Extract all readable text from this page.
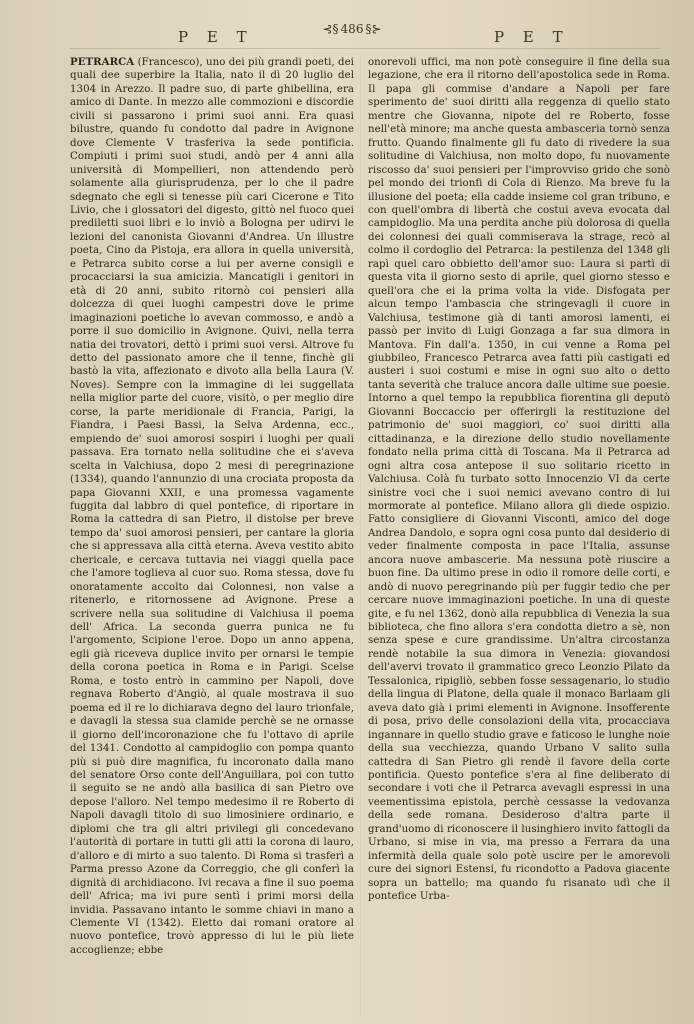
P E T	⊰§ 486 §⊱	P E T

PETRARCA (Francesco), uno dei più grandi poeti, dei quali dee superbire la Italia, nato il dì 20 luglio del 1304 in Arezzo. Il padre suo, di parte ghibellina, era amico di Dante. In mezzo alle commozioni e discordie civili si passarono i primi suoi anni. Era quasi bilustre, quando fu condotto dal padre in Avignone dove Clemente V trasferiva la sede pontificia. Compiuti i primi suoi studi, andò per 4 anni alla università di Mompellieri, non attendendo però solamente alla giurisprudenza, per lo che il padre sdegnato che egli si tenesse più cari Cicerone e Tito Livio, che i glossatori del digesto, gittò nel fuoco quei prediletti suoi libri e lo inviò a Bologna per udirvi le lezioni del canonista Giovanni d'Andrea. Un illustre poeta, Cino da Pistoja, era allora in quella università, e Petrarca subito corse a lui per averne consigli e procacciarsi la sua amicizia. Mancatigli i genitori in età di 20 anni, subito ritornò coi pensieri alla dolcezza di quei luoghi campestri dove le prime imaginazioni poetiche lo avevan commosso, e andò a porre il suo domicilio in Avignone. Quivi, nella terra natia dei trovatori, dettò i primi suoi versi. Altrove fu detto del passionato amore che il tenne, finchè gli bastò la vita, affezionato e divoto alla bella Laura (V. Noves). Sempre con la immagine di lei suggellata nella miglior parte del cuore, visitò, o per meglio dire corse, la parte meridionale di Francia, Parigi, la Fiandra, i Paesi Bassi, la Selva Ardenna, ecc., empiendo de' suoi amorosi sospiri i luoghi per quali passava. Era tornato nella solitudine che ei s'aveva scelta in Valchiusa, dopo 2 mesi di peregrinazione (1334), quando l'annunzio di una crociata proposta da papa Giovanni XXII, e una promessa vagamente fuggita dal labbro di quel pontefice, di riportare in Roma la cattedra di san Pietro, il distolse per breve tempo da' suoi amorosi pensieri, per cantare la gloria che si appressava alla città eterna. Aveva vestito abito chericale, e cercava tuttavia nei viaggi quella pace che l'amore toglieva al cuor suo. Roma stessa, dove fu onoratamente accolto dai Colonnesi, non valse a ritenerlo, e ritornossene ad Avignone. Prese a scrivere nella sua solitudine di Valchiusa il poema dell' Africa. La seconda guerra punica ne fu l'argomento, Scipione l'eroe. Dopo un anno appena, egli già riceveva duplice invito per ornarsi le tempie della corona poetica in Roma e in Parigi. Scelse Roma, e tosto entrò in cammino per Napoli, dove regnava Roberto d'Angiò, al quale mostrava il suo poema ed il re lo dichiarava degno del lauro trionfale, e davagli la stessa sua clamide perchè se ne ornasse il giorno dell'incoronazione che fu l'ottavo di aprile del 1341. Condotto al campidoglio con pompa quanto più si può dire magnifica, fu incoronato dalla mano del senatore Orso conte dell'Anguillara, poi con tutto il seguito se ne andò alla basilica di san Pietro ove depose l'alloro. Nel tempo medesimo il re Roberto di Napoli davagli titolo di suo limosiniere ordinario, e diplomi che tra gli altri privilegi gli concedevano l'autorità di portare in tutti gli atti la corona di lauro, d'alloro e di mirto a suo talento. Di Roma si trasferì a Parma presso Azone da Correggio, che gli conferì la dignità di archidiacono. Ivi recava a fine il suo poema dell' Africa; ma ivi pure sentì i primi morsi della invidia. Passavano intanto le somme chiavi in mano a Clemente VI (1342). Eletto dai romani oratore al nuovo pontefice, trovò appresso di lui le più liete accoglienze; ebbe

onorevoli uffici, ma non potè conseguire il fine della sua legazione, che era il ritorno dell'apostolica sede in Roma. Il papa gli commise d'andare a Napoli per fare sperimento de' suoi diritti alla reggenza di quello stato mentre che Giovanna, nipote del re Roberto, fosse nell'età minore; ma anche questa ambasceria tornò senza frutto. Quando finalmente gli fu dato di rivedere la sua solitudine di Valchiusa, non molto dopo, fu nuovamente riscosso da' suoi pensieri per l'improvviso grido che sonò pel mondo dei trionfi di Cola di Rienzo. Ma breve fu la illusione del poeta; ella cadde insieme col gran tribuno, e con quell'ombra di libertà che costui aveva evocata dal campidoglio. Ma una perdita anche più dolorosa di quella dei colonnesi dei quali commiserava la strage, recò al colmo il cordoglio del Petrarca: la pestilenza del 1348 gli rapì quel caro obbietto dell'amor suo: Laura si partì di questa vita il giorno sesto di aprile, quel giorno stesso e quell'ora che ei la prima volta la vide. Disfogata per alcun tempo l'ambascia che stringevagli il cuore in Valchiusa, testimone già di tanti amorosi lamenti, ei passò per invito di Luigi Gonzaga a far sua dimora in Mantova. Fin dall'a. 1350, in cui venne a Roma pel giubbileo, Francesco Petrarca avea fatti più castigati ed austeri i suoi costumi e mise in ogni suo alto o detto tanta severità che traluce ancora dalle ultime sue poesie. Intorno a quel tempo la repubblica fiorentina gli deputò Giovanni Boccaccio per offerirgli la restituzione del patrimonio de' suoi maggiori, co' suoi diritti alla cittadinanza, e la direzione dello studio novellamente fondato nella prima città di Toscana. Ma il Petrarca ad ogni altra cosa antepose il suo solitario ricetto in Valchiusa. Colà fu turbato sotto Innocenzio VI da certe sinistre voci che i suoi nemici avevano contro di lui mormorate al pontefice. Milano allora gli diede ospizio. Fatto consigliere di Giovanni Visconti, amico del doge Andrea Dandolo, e sopra ogni cosa punto dal desiderio di veder finalmente composta in pace l'Italia, assunse ancora nuove ambascerie. Ma nessuna potè riuscire a buon fine. Da ultimo prese in odio il romore delle corti, e andò di nuovo peregrinando più per fuggir tedio che per cercare nuove immaginazioni poetiche. In una di queste gite, e fu nel 1362, donò alla repubblica di Venezia la sua biblioteca, che fino allora s'era condotta dietro a sè, non senza spese e cure grandissime. Un'altra circostanza rendè notabile la sua dimora in Venezia: giovandosi dell'avervi trovato il grammatico greco Leonzio Pilato da Tessalonica, ripigliò, sebben fosse sessagenario, lo studio della lingua di Platone, della quale il monaco Barlaam gli aveva dato già i primi elementi in Avignone. Insofferente di posa, privo delle consolazioni della vita, procacciava ingannare in quello studio grave e faticoso le lunghe noie della sua vecchiezza, quando Urbano V salito sulla cattedra di San Pietro gli rendè il favore della corte pontificia. Questo pontefice s'era al fine deliberato di secondare i voti che il Petrarca avevagli espressi in una veementissima epistola, perchè cessasse la vedovanza della sede romana. Desideroso d'altra parte il grand'uomo di riconoscere il lusinghiero invito fattogli da Urbano, si mise in via, ma presso a Ferrara da una infermità della quale solo potè uscire per le amorevoli cure dei signori Estensi, fu ricondotto a Padova giacente sopra un battello; ma quando fu risanato udì che il pontefice Urba-
